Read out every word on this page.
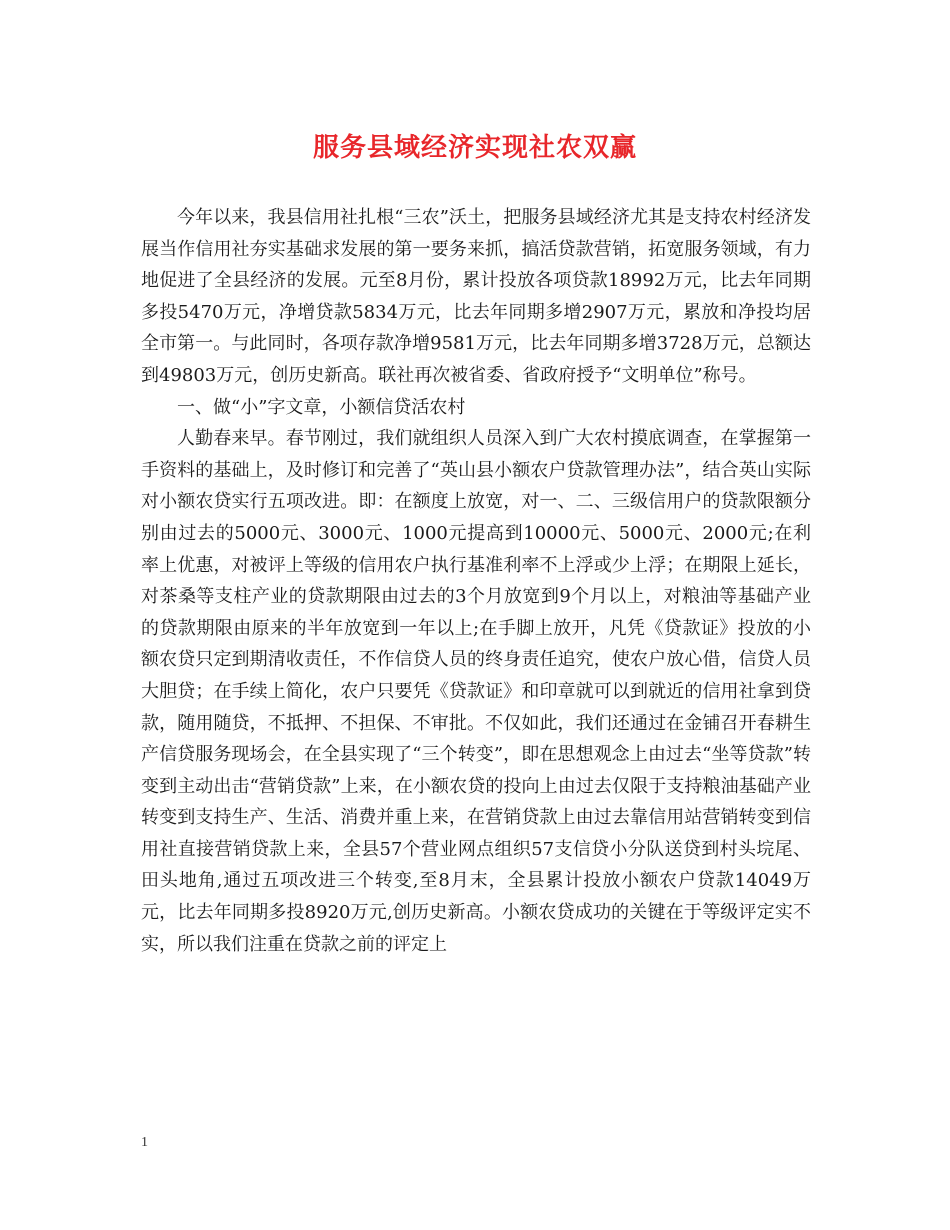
服务县域经济实现社农双赢

今年以来，我县信用社扎根“三农”沃土，把服务县域经济尤其是支持农村经济发展当作信用社夯实基础求发展的第一要务来抓，搞活贷款营销，拓宽服务领域，有力地促进了全县经济的发展。元至8月份，累计投放各项贷款18992万元，比去年同期多投5470万元，净增贷款5834万元，比去年同期多增2907万元，累放和净投均居全市第一。与此同时，各项存款净增9581万元，比去年同期多增3728万元，总额达到49803万元，创历史新高。联社再次被省委、省政府授予“文明单位”称号。

一、做“小”字文章，小额信贷活农村

人勤春来早。春节刚过，我们就组织人员深入到广大农村摸底调查，在掌握第一手资料的基础上，及时修订和完善了“英山县小额农户贷款管理办法”，结合英山实际对小额农贷实行五项改进。即：在额度上放宽，对一、二、三级信用户的贷款限额分别由过去的5000元、3000元、1000元提高到10000元、5000元、2000元;在利率上优惠，对被评上等级的信用农户执行基准利率不上浮或少上浮；在期限上延长，对茶桑等支柱产业的贷款期限由过去的3个月放宽到9个月以上，对粮油等基础产业的贷款期限由原来的半年放宽到一年以上;在手脚上放开，凡凭《贷款证》投放的小额农贷只定到期清收责任，不作信贷人员的终身责任追究，使农户放心借，信贷人员大胆贷；在手续上简化，农户只要凭《贷款证》和印章就可以到就近的信用社拿到贷款，随用随贷，不抵押、不担保、不审批。不仅如此，我们还通过在金铺召开春耕生产信贷服务现场会，在全县实现了“三个转变”，即在思想观念上由过去“坐等贷款”转变到主动出击“营销贷款”上来，在小额农贷的投向上由过去仅限于支持粮油基础产业转变到支持生产、生活、消费并重上来，在营销贷款上由过去靠信用站营销转变到信用社直接营销贷款上来，全县57个营业网点组织57支信贷小分队送贷到村头垸尾、田头地角,通过五项改进三个转变,至8月末，全县累计投放小额农户贷款14049万元，比去年同期多投8920万元,创历史新高。小额农贷成功的关键在于等级评定实不实，所以我们注重在贷款之前的评定上

1
